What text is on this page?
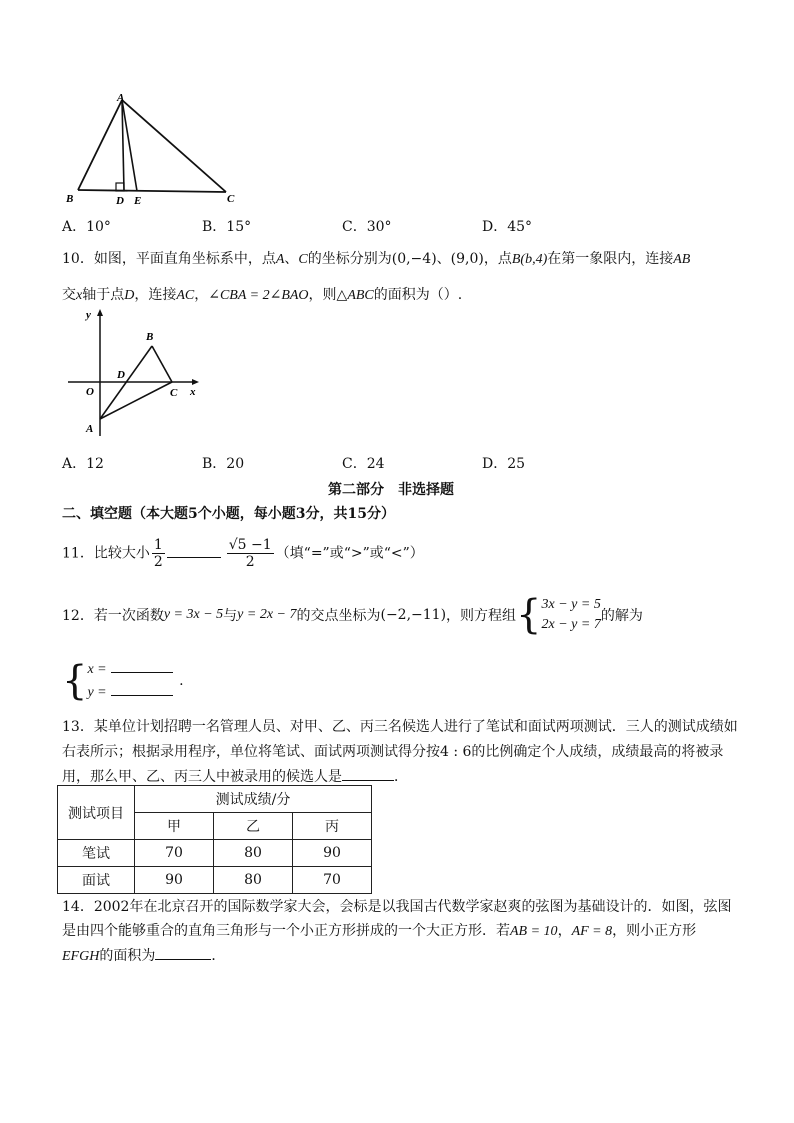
A
B	D E	C
A．10°	B．15°	C．30°	D．45°
10．如图，平面直角坐标系中，点A、C的坐标分别为(0,−4)、(9,0)，点B(b,4)在第一象限内，连接AB
交x轴于点D，连接AC，∠CBA = 2∠BAO，则△ABC的面积为（）.
y
x
O
D
B
C
A
A．12	B．20	C．24	D．25
第二部分　非选择题
二、填空题（本大题5个小题，每小题3分，共15分）
11．比较大小 $\frac{1}{2}$	$\frac{√5 -1}{2}$ （填“=”或“>”或“<”）
12．若一次函数y = 3x − 5与y = 2x − 7的交点坐标为(−2,−11)，则方程组{ 3x − y = 5
2x − y = 7
的解为
{ x =
y =
.
13．某单位计划招聘一名管理人员、对甲、乙、丙三名候选人进行了笔试和面试两项测试．三人的测试成绩如
右表所示；根据录用程序，单位将笔试、面试两项测试得分按4 : 6的比例确定个人成绩，成绩最高的将被录
用，那么甲、乙、丙三人中被录用的候选人是	．
测试项目	测试成绩/分		
	甲	乙	丙
笔试	70	80	90
面试	90	80	70
14．2002年在北京召开的国际数学家大会，会标是以我国古代数学家赵爽的弦图为基础设计的．如图，弦图
是由四个能够重合的直角三角形与一个小正方形拼成的一个大正方形．若AB = 10，AF = 8，则小正方形
EFGH的面积为	．
